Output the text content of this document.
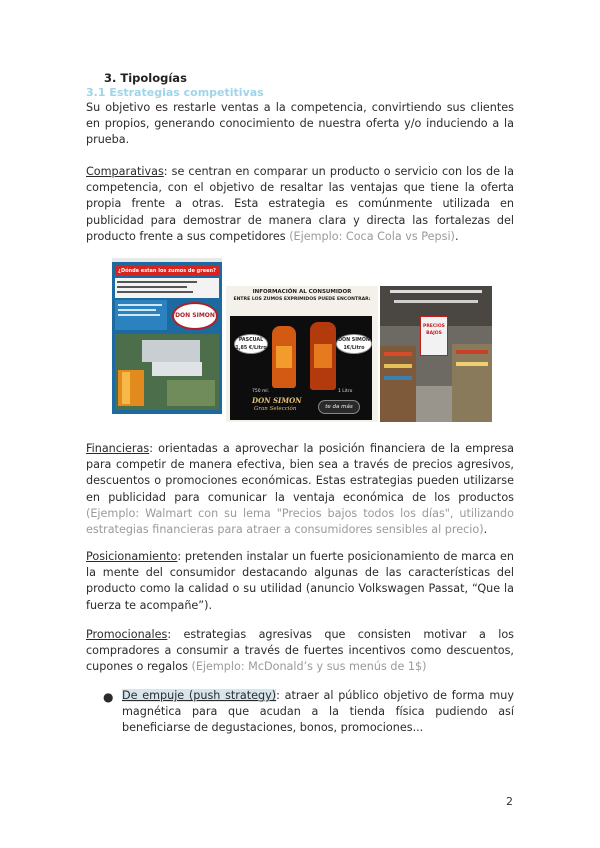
3. Tipologías
3.1 Estrategias competitivas

Su objetivo es restarle ventas a la competencia, convirtiendo sus clientes en propios, generando conocimiento de nuestra oferta y/o induciendo a la prueba.

Comparativas: se centran en comparar un producto o servicio con los de la competencia, con el objetivo de resaltar las ventajas que tiene la oferta propia frente a otras. Esta estrategia es comúnmente utilizada en publicidad para demostrar de manera clara y directa las fortalezas del producto frente a sus competidores (Ejemplo: Coca Cola vs Pepsi).

¿Dónde estan los zumos de green?
DON SIMON
INFORMACIÓN AL CONSUMIDOR
ENTRE LOS ZUMOS EXPRIMIDOS PUEDE ENCONTRAR:
PASCUAL
1,85 €/Litro
DON SIMON
1€/Litro
750 ml.	1 Litro
DON SIMON
Gran Selección	te da más
PRECIOS BAJOS

Financieras: orientadas a aprovechar la posición financiera de la empresa para competir de manera efectiva, bien sea a través de precios agresivos, descuentos o promociones económicas. Estas estrategias pueden utilizarse en publicidad para comunicar la ventaja económica de los productos (Ejemplo: Walmart con su lema "Precios bajos todos los días", utilizando estrategias financieras para atraer a consumidores sensibles al precio).

Posicionamiento: pretenden instalar un fuerte posicionamiento de marca en la mente del consumidor destacando algunas de las características del producto como la calidad o su utilidad (anuncio Volkswagen Passat, “Que la fuerza te acompañe”).

Promocionales: estrategias agresivas que consisten motivar a los compradores a consumir a través de fuertes incentivos como descuentos, cupones o regalos (Ejemplo: McDonald’s y sus menús de 1$)

● De empuje (push strategy): atraer al público objetivo de forma muy magnética para que acudan a la tienda física pudiendo así beneficiarse de degustaciones, bonos, promociones...

2
